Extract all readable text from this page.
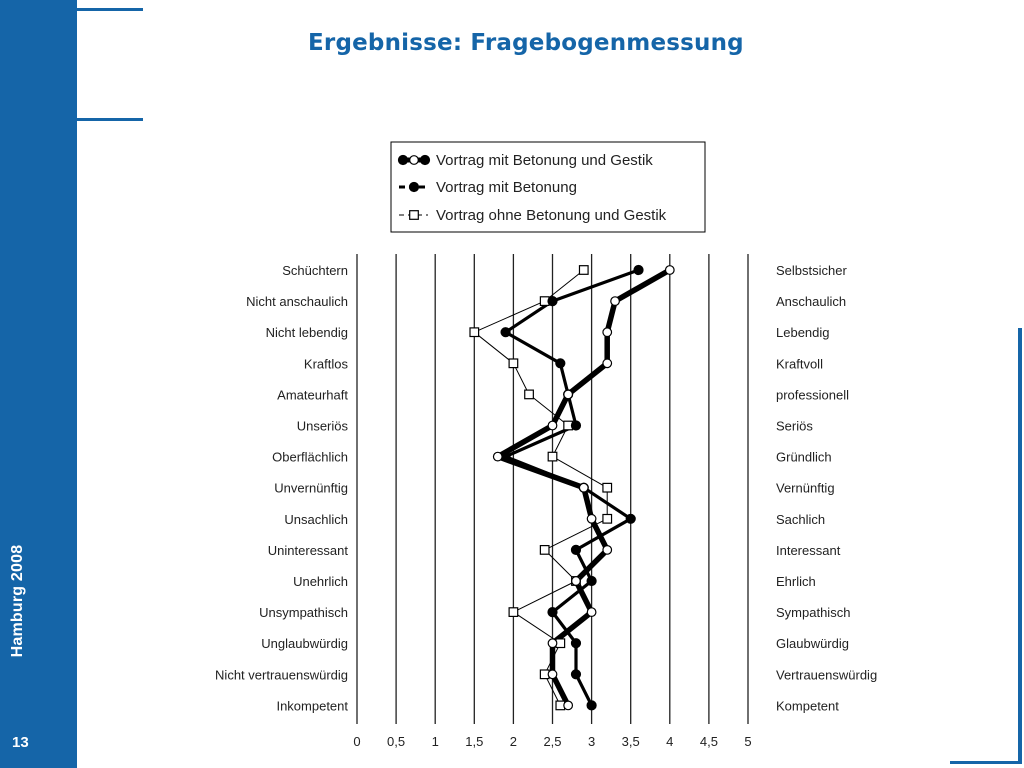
Hamburg 2008
13
Ergebnisse: Fragebogenmessung
Vortrag mit Betonung und Gestik
Vortrag mit Betonung
Vortrag ohne Betonung und Gestik
Schüchtern
Nicht anschaulich
Nicht lebendig
Kraftlos
Amateurhaft
Unseriös
Oberflächlich
Unvernünftig
Unsachlich
Uninteressant
Unehrlich
Unsympathisch
Unglaubwürdig
Nicht vertrauenswürdig
Inkompetent
Selbstsicher
Anschaulich
Lebendig
Kraftvoll
professionell
Seriös
Gründlich
Vernünftig
Sachlich
Interessant
Ehrlich
Sympathisch
Glaubwürdig
Vertrauenswürdig
Kompetent
0 0,5 1 1,5 2 2,5 3 3,5 4 4,5 5
